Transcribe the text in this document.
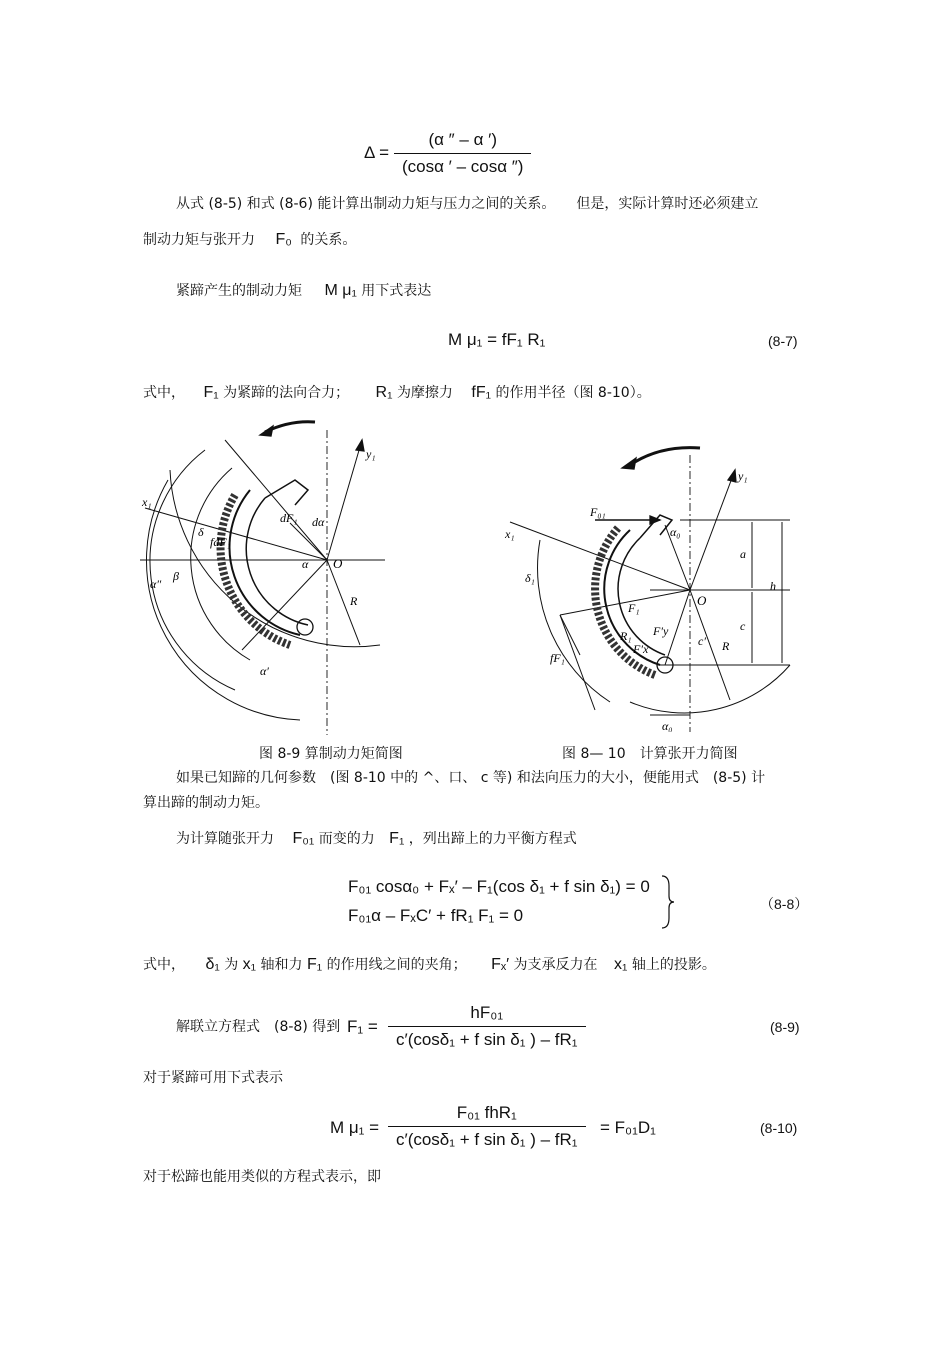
$\Delta = \frac{(\alpha '' - \alpha ')}{(\cos\alpha ' - \cos\alpha '')}$
从式 (8-5) 和式 (8-6) 能计算出制动力矩与压力之间的关系。　　但是，实际计算时还必须建立
制动力矩与张开力 F₀ 的关系。
紧蹄产生的制动力矩 M μ₁ 用下式表达
M μ₁ = fF₁ R₁	(8-7)
式中， F₁ 为紧蹄的法向合力； R₁ 为摩擦力 fF₁ 的作用半径（图 8-10）。
x₁
y₁
dF₁ dα
fdF₁
δ
α O
R
α″
β
α′
F₀₁
x₁
y₁
α₀
δ₁
F₁	O
fF₁
R₁ F′y
F′x
c′ R
a
h
c
α₀
图 8-9 算制动力矩简图	图 8— 10　计算张开力简图
如果已知蹄的几何参数　(图 8-10 中的 ^、口、 c 等) 和法向压力的大小，便能用式　(8-5) 计
算出蹄的制动力矩。
为计算随张开力 F₀₁ 而变的力 F₁ ，列出蹄上的力平衡方程式
F₀₁ cosα₀ + Fₓ′ – F₁(cos δ₁ + f sin δ₁) = 0
F₀₁α – FₓC′ + fR₁ F₁ = 0
（8-8）
式中， δ₁ 为 x₁ 轴和力 F₁ 的作用线之间的夹角； Fₓ′ 为支承反力在 x₁ 轴上的投影。
解联立方程式　(8-8) 得到 $F_1 = \frac{\text{hF₀₁}}{\text{c′(cosδ₁ + f sin δ₁ ) – fR₁}}$	(8-9)
对于紧蹄可用下式表示
M μ₁ =
F₀₁ fhR₁
c′(cosδ₁ + f sin δ₁ ) – fR₁
= F₀₁D₁	(8-10)
对于松蹄也能用类似的方程式表示，即
